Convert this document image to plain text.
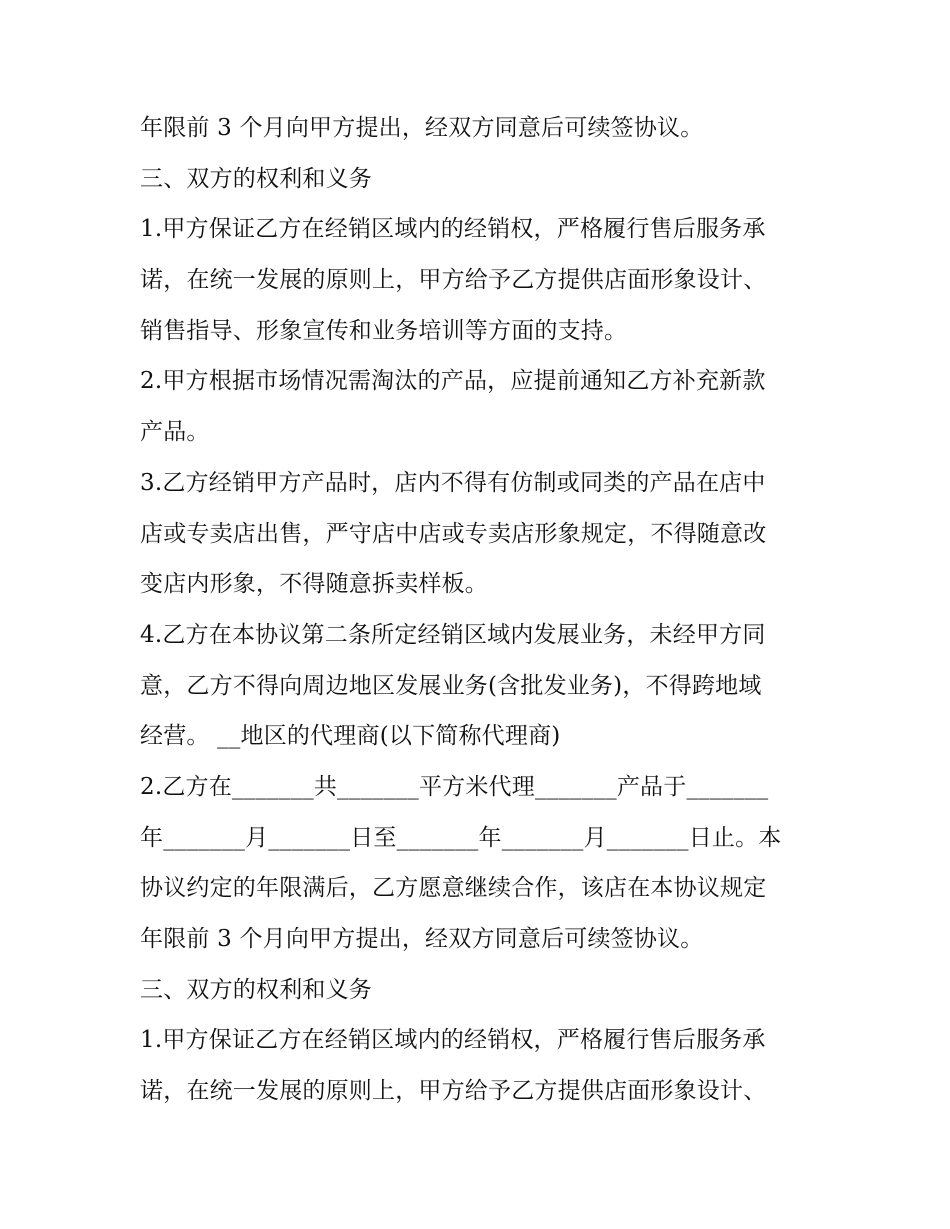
年限前 3 个月向甲方提出，经双方同意后可续签协议。
三、双方的权利和义务
1.甲方保证乙方在经销区域内的经销权，严格履行售后服务承
诺，在统一发展的原则上，甲方给予乙方提供店面形象设计、
销售指导、形象宣传和业务培训等方面的支持。
2.甲方根据市场情况需淘汰的产品，应提前通知乙方补充新款
产品。
3.乙方经销甲方产品时，店内不得有仿制或同类的产品在店中
店或专卖店出售，严守店中店或专卖店形象规定，不得随意改
变店内形象，不得随意拆卖样板。
4.乙方在本协议第二条所定经销区域内发展业务，未经甲方同
意，乙方不得向周边地区发展业务(含批发业务)，不得跨地域
经营。 __地区的代理商(以下简称代理商)
2.乙方在_______共_______平方米代理_______产品于_______
年_______月_______日至_______年_______月_______日止。本
协议约定的年限满后，乙方愿意继续合作，该店在本协议规定
年限前 3 个月向甲方提出，经双方同意后可续签协议。
三、双方的权利和义务
1.甲方保证乙方在经销区域内的经销权，严格履行售后服务承
诺，在统一发展的原则上，甲方给予乙方提供店面形象设计、
